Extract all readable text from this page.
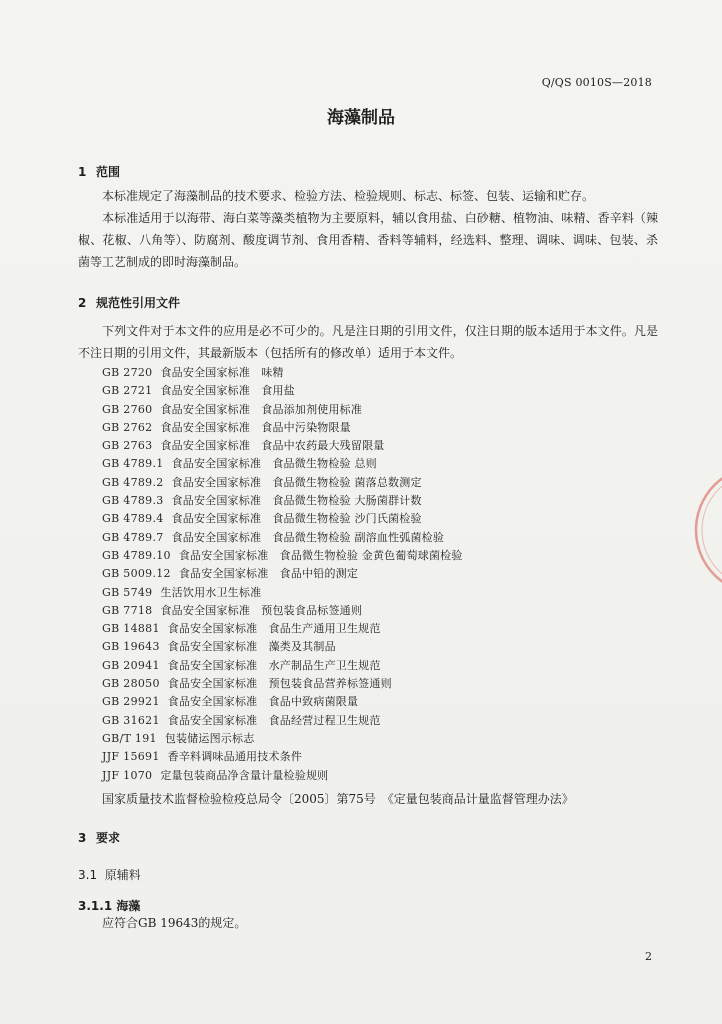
Q/QS 0010S—2018
海藻制品
1 范围
本标准规定了海藻制品的技术要求、检验方法、检验规则、标志、标签、包装、运输和贮存。
本标准适用于以海带、海白菜等藻类植物为主要原料，辅以食用盐、白砂糖、植物油、味精、香辛料（辣椒、花椒、八角等）、防腐剂、酸度调节剂、食用香精、香料等辅料，经选料、整理、调味、调味、包装、杀菌等工艺制成的即时海藻制品。
2 规范性引用文件
下列文件对于本文件的应用是必不可少的。凡是注日期的引用文件，仅注日期的版本适用于本文件。凡是不注日期的引用文件，其最新版本（包括所有的修改单）适用于本文件。
GB 2720 食品安全国家标准　味精
GB 2721 食品安全国家标准　食用盐
GB 2760 食品安全国家标准　食品添加剂使用标准
GB 2762 食品安全国家标准　食品中污染物限量
GB 2763 食品安全国家标准　食品中农药最大残留限量
GB 4789.1 食品安全国家标准　食品微生物检验 总则
GB 4789.2 食品安全国家标准　食品微生物检验 菌落总数测定
GB 4789.3 食品安全国家标准　食品微生物检验 大肠菌群计数
GB 4789.4 食品安全国家标准　食品微生物检验 沙门氏菌检验
GB 4789.7 食品安全国家标准　食品微生物检验 副溶血性弧菌检验
GB 4789.10 食品安全国家标准　食品微生物检验 金黄色葡萄球菌检验
GB 5009.12 食品安全国家标准　食品中铅的测定
GB 5749 生活饮用水卫生标准
GB 7718 食品安全国家标准　预包装食品标签通则
GB 14881 食品安全国家标准　食品生产通用卫生规范
GB 19643 食品安全国家标准　藻类及其制品
GB 20941 食品安全国家标准　水产制品生产卫生规范
GB 28050 食品安全国家标准　预包装食品营养标签通则
GB 29921 食品安全国家标准　食品中致病菌限量
GB 31621 食品安全国家标准　食品经营过程卫生规范
GB/T 191 包装储运图示标志
JJF 15691 香辛料调味品通用技术条件
JJF 1070 定量包装商品净含量计量检验规则
国家质量技术监督检验检疫总局令〔2005〕第75号　《定量包装商品计量监督管理办法》
3 要求
3.1 原辅料
3.1.1 海藻
应符合GB 19643的规定。
2
